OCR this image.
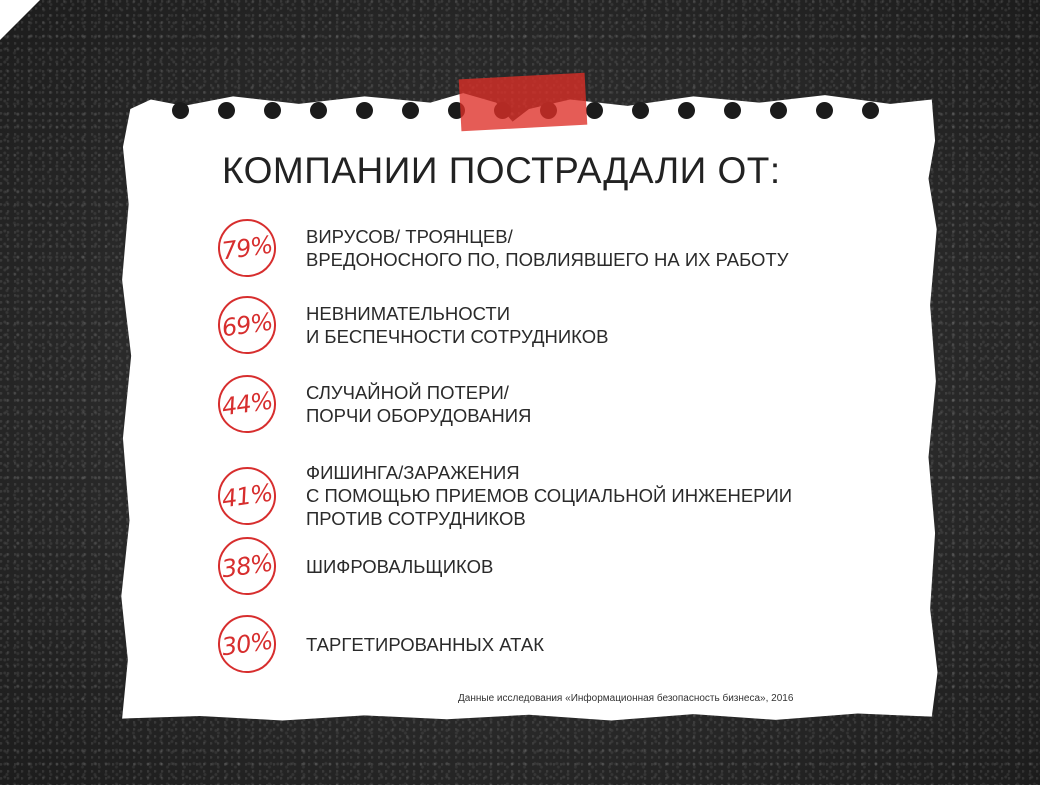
КОМПАНИИ ПОСТРАДАЛИ ОТ:
79% ВИРУСОВ/ ТРОЯНЦЕВ/
ВРЕДОНОСНОГО ПО, ПОВЛИЯВШЕГО НА ИХ РАБОТУ
69% НЕВНИМАТЕЛЬНОСТИ
И БЕСПЕЧНОСТИ СОТРУДНИКОВ
44% СЛУЧАЙНОЙ ПОТЕРИ/
ПОРЧИ ОБОРУДОВАНИЯ
41%
ФИШИНГА/ЗАРАЖЕНИЯ
С ПОМОЩЬЮ ПРИЕМОВ СОЦИАЛЬНОЙ ИНЖЕНЕРИИ
ПРОТИВ СОТРУДНИКОВ
38% ШИФРОВАЛЬЩИКОВ
30% ТАРГЕТИРОВАННЫХ АТАК
Данные исследования «Информационная безопасность бизнеса», 2016
